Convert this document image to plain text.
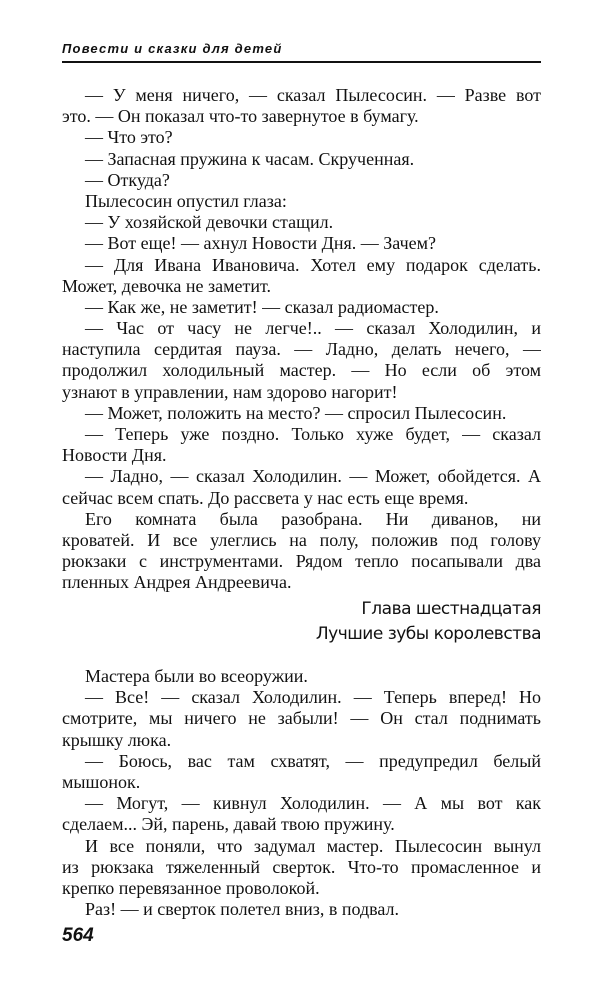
Повести и сказки для детей
— У меня ничего, — сказал Пылесосин. — Разве вот
это. — Он показал что-то завернутое в бумагу.
— Что это?
— Запасная пружина к часам. Скрученная.
— Откуда?
Пылесосин опустил глаза:
— У хозяйской девочки стащил.
— Вот еще! — ахнул Новости Дня. — Зачем?
— Для Ивана Ивановича. Хотел ему подарок сделать.
Может, девочка не заметит.
— Как же, не заметит! — сказал радиомастер.
— Час от часу не легче!.. — сказал Холодилин, и
наступила сердитая пауза. — Ладно, делать нечего, —
продолжил холодильный мастер. — Но если об этом
узнают в управлении, нам здорово нагорит!
— Может, положить на место? — спросил Пылесосин.
— Теперь уже поздно. Только хуже будет, — сказал
Новости Дня.
— Ладно, — сказал Холодилин. — Может, обойдется. А
сейчас всем спать. До рассвета у нас есть еще время.
Его комната была разобрана. Ни диванов, ни
кроватей. И все улеглись на полу, положив под голову
рюкзаки с инструментами. Рядом тепло посапывали два
пленных Андрея Андреевича.
Глава шестнадцатая
Лучшие зубы королевства
Мастера были во всеоружии.
— Все! — сказал Холодилин. — Теперь вперед! Но
смотрите, мы ничего не забыли! — Он стал поднимать
крышку люка.
— Боюсь, вас там схватят, — предупредил белый
мышонок.
— Могут, — кивнул Холодилин. — А мы вот как
сделаем... Эй, парень, давай твою пружину.
И все поняли, что задумал мастер. Пылесосин вынул
из рюкзака тяжеленный сверток. Что-то промасленное и
крепко перевязанное проволокой.
Раз! — и сверток полетел вниз, в подвал.
564
